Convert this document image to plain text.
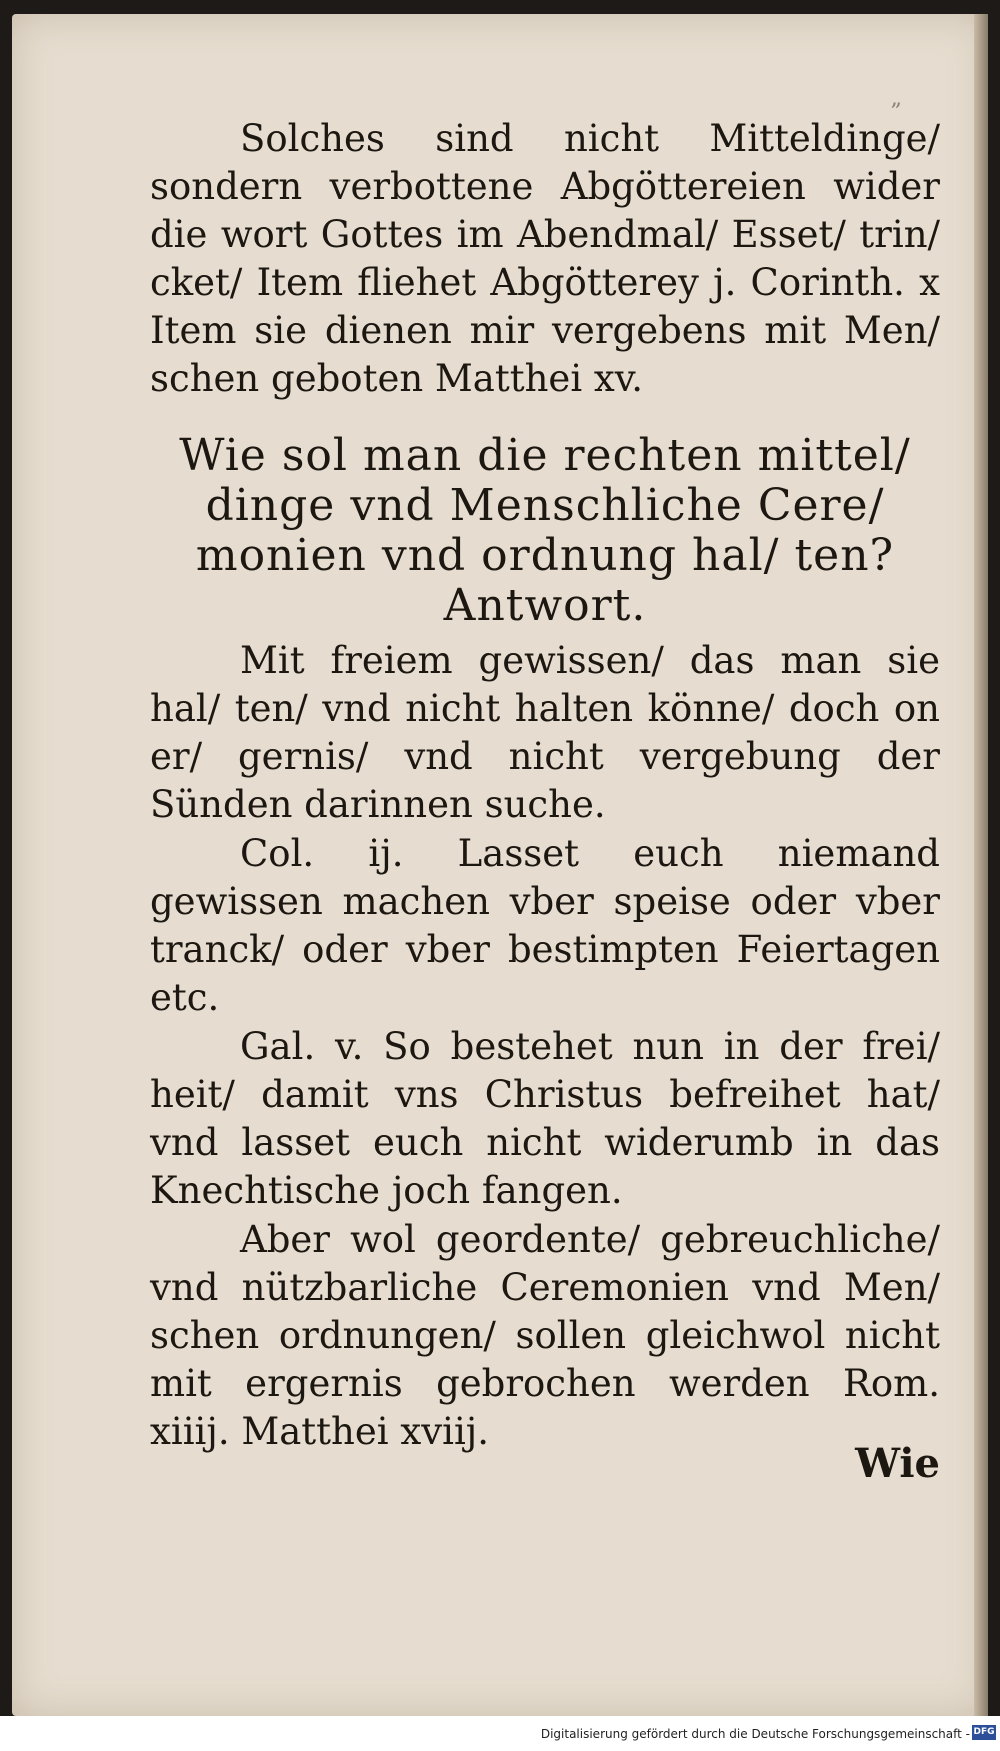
„

Solches sind nicht Mitteldinge/ sondern verbottene Abgöttereien wider die wort Gottes im Abendmal/ Esset/ trin/ cket/ Item fliehet Abgötterey j. Corinth. x Item sie dienen mir vergebens mit Men/ schen geboten Matthei xv.

Wie sol man die rechten mittel/ dinge vnd Menschliche Cere/ monien vnd ordnung hal/ ten? Antwort.

Mit freiem gewissen/ das man sie hal/ ten/ vnd nicht halten könne/ doch on er/ gernis/ vnd nicht vergebung der Sünden darinnen suche.

Col. ij. Lasset euch niemand gewissen machen vber speise oder vber tranck/ oder vber bestimpten Feiertagen etc.

Gal. v. So bestehet nun in der frei/ heit/ damit vns Christus befreihet hat/ vnd lasset euch nicht widerumb in das Knechtische joch fangen.

Aber wol geordente/ gebreuchliche/ vnd nützbarliche Ceremonien vnd Men/ schen ordnungen/ sollen gleichwol nicht mit ergernis gebrochen werden Rom. xiiij. Matthei xviij.

Wie
Digitalisierung gefördert durch die Deutsche Forschungsgemeinschaft - DFG
